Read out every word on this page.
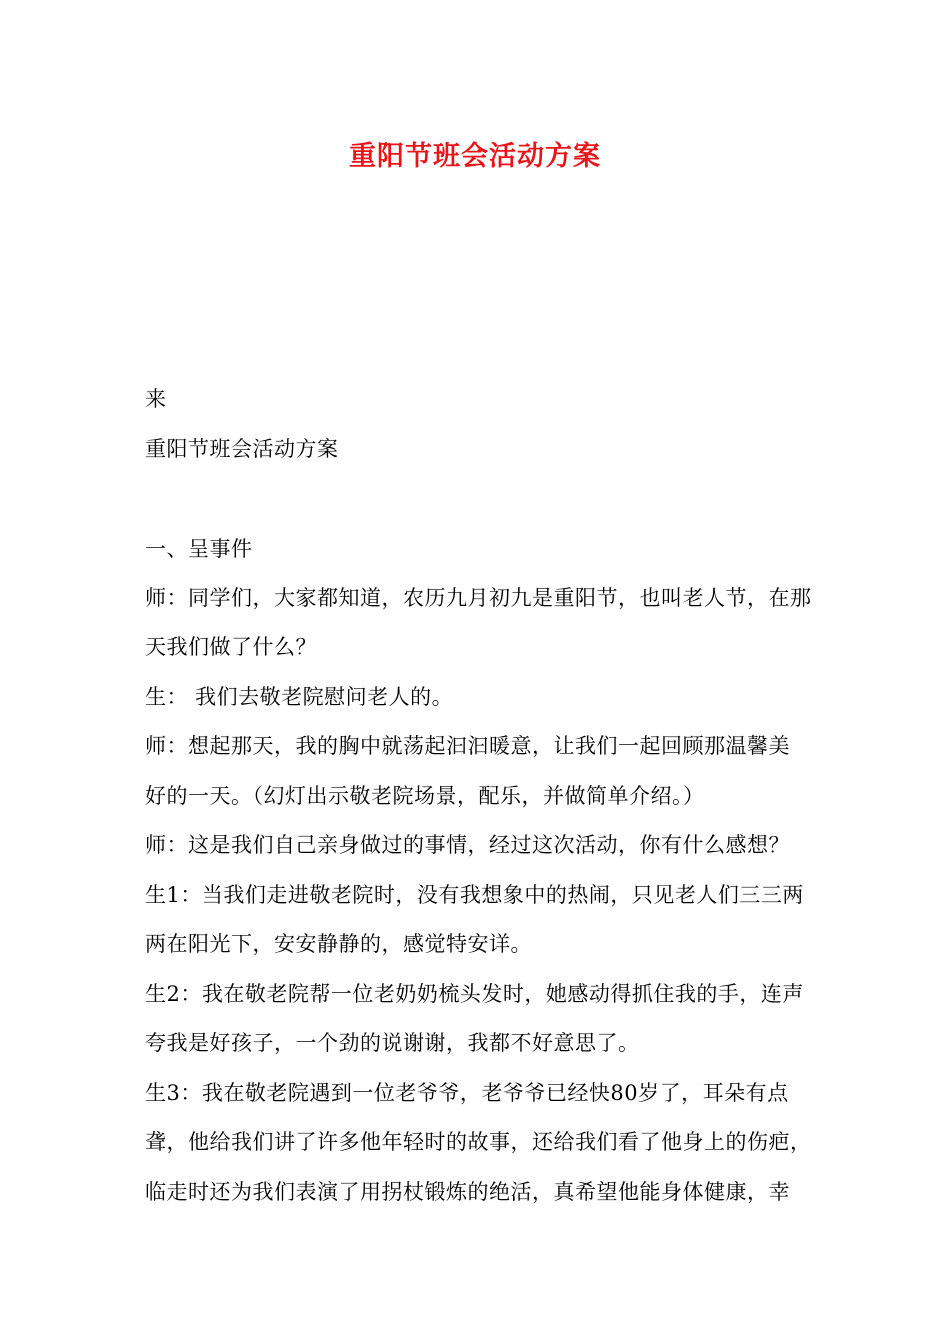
重阳节班会活动方案
来
重阳节班会活动方案
一、呈事件
师：同学们，大家都知道，农历九月初九是重阳节，也叫老人节，在那
天我们做了什么？
生： 我们去敬老院慰问老人的。
师：想起那天，我的胸中就荡起汩汩暖意，让我们一起回顾那温馨美
好的一天。（幻灯出示敬老院场景，配乐，并做简单介绍。）
师：这是我们自己亲身做过的事情，经过这次活动，你有什么感想？
生1：当我们走进敬老院时，没有我想象中的热闹，只见老人们三三两
两在阳光下，安安静静的，感觉特安详。
生2：我在敬老院帮一位老奶奶梳头发时，她感动得抓住我的手，连声
夸我是好孩子，一个劲的说谢谢，我都不好意思了。
生3：我在敬老院遇到一位老爷爷，老爷爷已经快80岁了，耳朵有点
聋，他给我们讲了许多他年轻时的故事，还给我们看了他身上的伤疤，
临走时还为我们表演了用拐杖锻炼的绝活，真希望他能身体健康，幸
